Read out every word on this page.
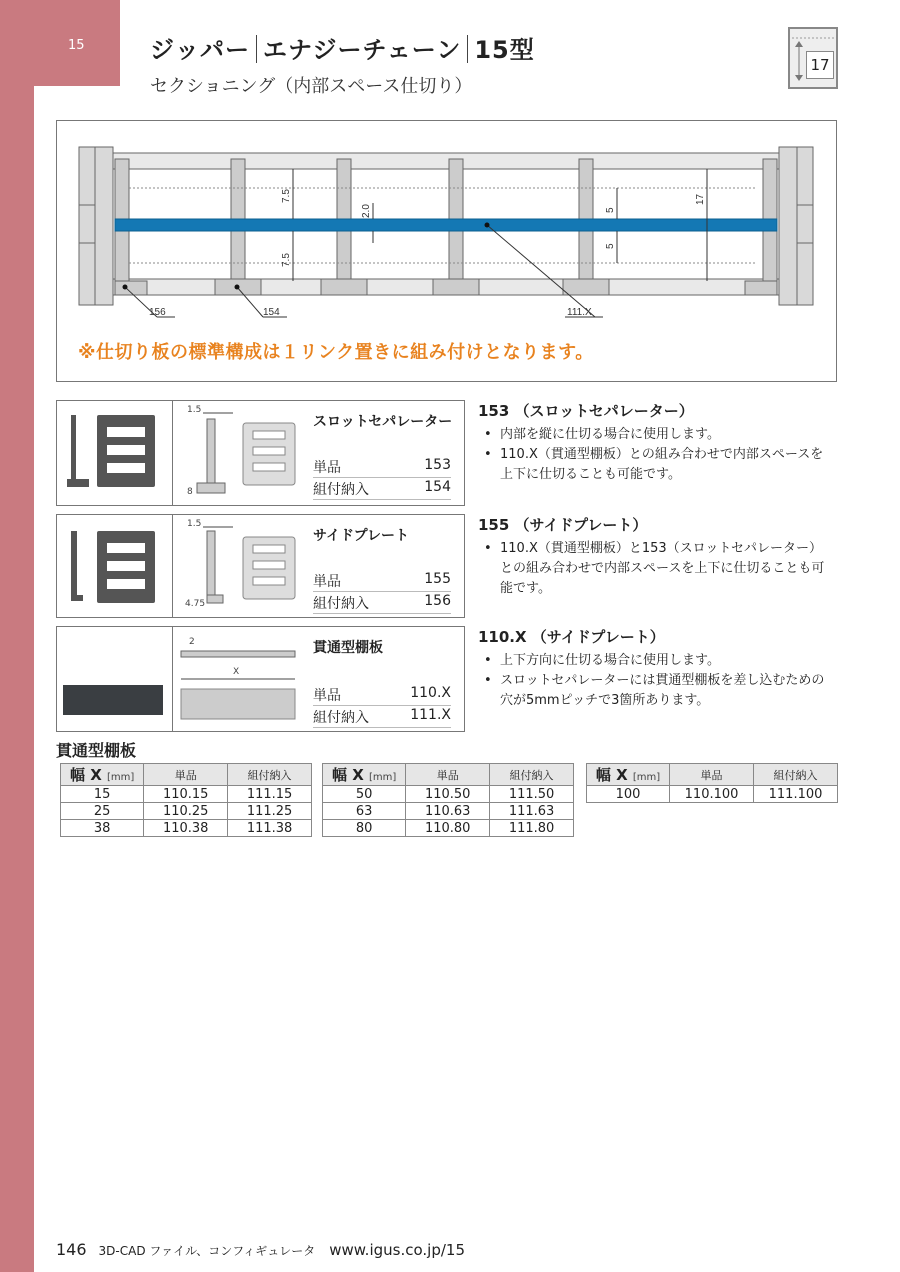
15	ジッパー エナジーチェーン 15型
セクショニング（内部スペース仕切り）
17
7.5
7.5
2.0	5
5
17
156	154	111.X
※仕切り板の標準構成は１リンク置きに組み付けとなります。
1.5
8
スロットセパレーター
単品	153
組付納入	154
1.5
4.75
サイドプレート
単品	155
組付納入	156
2
X
貫通型棚板
単品	110.X
組付納入	111.X
153 （スロットセパレーター）
• 内部を縦に仕切る場合に使用します。
• 110.X（貫通型棚板）との組み合わせで内部スペースを上下に仕切ることも可能です。
155 （サイドプレート）
• 110.X（貫通型棚板）と153（スロットセパレーター）との組み合わせで内部スペースを上下に仕切ることも可能です。
110.X （サイドプレート）
• 上下方向に仕切る場合に使用します。
• スロットセパレーターには貫通型棚板を差し込むための穴が5mmピッチで3箇所あります。
貫通型棚板
幅 X [mm]	単品	組付納入
15	110.15	111.15
25	110.25	111.25
38	110.38	111.38
幅 X [mm]	単品	組付納入
50	110.50	111.50
63	110.63	111.63
80	110.80	111.80
幅 X [mm]	単品	組付納入
100	110.100	111.100
146 3D-CAD ファイル、コンフィギュレータ www.igus.co.jp/15
